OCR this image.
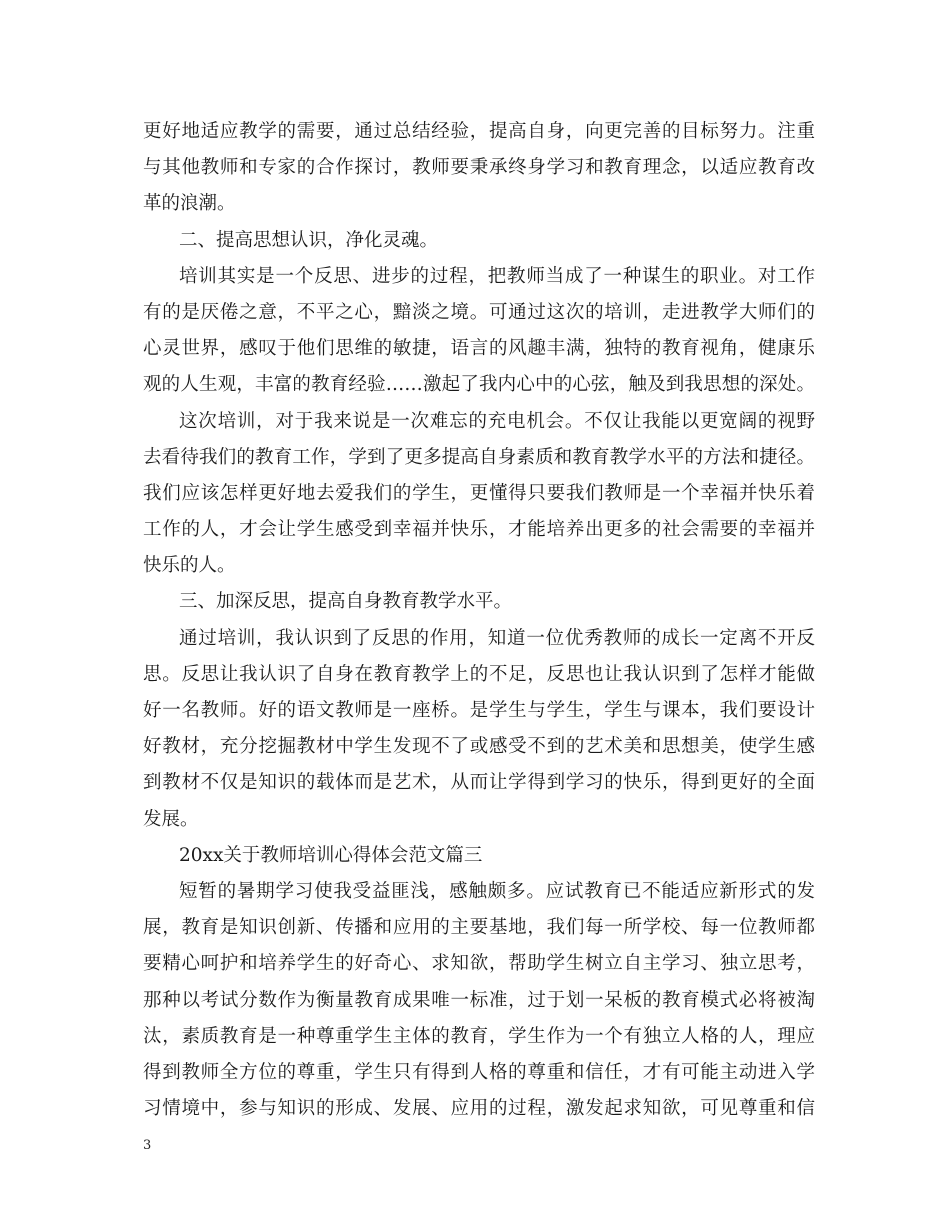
更好地适应教学的需要，通过总结经验，提高自身，向更完善的目标努力。注重
与其他教师和专家的合作探讨，教师要秉承终身学习和教育理念，以适应教育改
革的浪潮。
二、提高思想认识，净化灵魂。
培训其实是一个反思、进步的过程，把教师当成了一种谋生的职业。对工作
有的是厌倦之意，不平之心，黯淡之境。可通过这次的培训，走进教学大师们的
心灵世界，感叹于他们思维的敏捷，语言的风趣丰满，独特的教育视角，健康乐
观的人生观，丰富的教育经验……激起了我内心中的心弦，触及到我思想的深处。
这次培训，对于我来说是一次难忘的充电机会。不仅让我能以更宽阔的视野
去看待我们的教育工作，学到了更多提高自身素质和教育教学水平的方法和捷径。
我们应该怎样更好地去爱我们的学生，更懂得只要我们教师是一个幸福并快乐着
工作的人，才会让学生感受到幸福并快乐，才能培养出更多的社会需要的幸福并
快乐的人。
三、加深反思，提高自身教育教学水平。
通过培训，我认识到了反思的作用，知道一位优秀教师的成长一定离不开反
思。反思让我认识了自身在教育教学上的不足，反思也让我认识到了怎样才能做
好一名教师。好的语文教师是一座桥。是学生与学生，学生与课本，我们要设计
好教材，充分挖掘教材中学生发现不了或感受不到的艺术美和思想美，使学生感
到教材不仅是知识的载体而是艺术，从而让学得到学习的快乐，得到更好的全面
发展。
20xx关于教师培训心得体会范文篇三
短暂的暑期学习使我受益匪浅，感触颇多。应试教育已不能适应新形式的发
展，教育是知识创新、传播和应用的主要基地，我们每一所学校、每一位教师都
要精心呵护和培养学生的好奇心、求知欲，帮助学生树立自主学习、独立思考，
那种以考试分数作为衡量教育成果唯一标准，过于划一呆板的教育模式必将被淘
汰，素质教育是一种尊重学生主体的教育，学生作为一个有独立人格的人，理应
得到教师全方位的尊重，学生只有得到人格的尊重和信任，才有可能主动进入学
习情境中，参与知识的形成、发展、应用的过程，激发起求知欲，可见尊重和信
3
